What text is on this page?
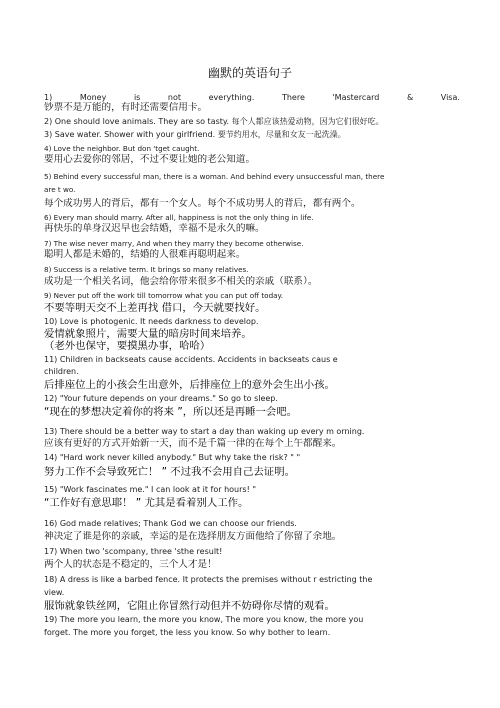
幽默的英语句子
1)	Money	is	not	everything.	There	'Mastercard	&	Visa.
钞票不是万能的，有时还需要信用卡。
2) One should love animals. They are so tasty. 每个人都应该热爱动物，因为它们很好吃。
3) Save water. Shower with your girlfriend. 要节约用水，尽量和女友一起洗澡。
4) Love the neighbor. But don 'tget caught.
要用心去爱你的邻居，不过不要让她的老公知道。
5) Behind every successful man, there is a woman. And behind every unsuccessful man, there
are t wo.
每个成功男人的背后，都有一个女人。每个不成功男人的背后，都有两个。
6) Every man should marry. After all, happiness is not the only thing in life.
再快乐的单身汉迟早也会结婚，幸福不是永久的嘛。
7) The wise never marry, And when they marry they become otherwise.
聪明人都是未婚的，结婚的人很难再聪明起来。
8) Success is a relative term. It brings so many relatives.
成功是一个相关名词，他会给你带来很多不相关的亲戚（联系）。
9) Never put off the work till tomorrow what you can put off today.
不要等明天交不上差再找 借口，今天就要找好。
10) Love is photogenic. It needs darkness to develop.
爱情就象照片，需要大量的暗房时间来培养。
（老外也保守，要摸黑办事，哈哈）
11) Children in backseats cause accidents. Accidents in backseats caus e
children.
后排座位上的小孩会生出意外，后排座位上的意外会生出小孩。
12) "Your future depends on your dreams." So go to sleep.
“现在的梦想决定着你的将来 ”，所以还是再睡一会吧。
13) There should be a better way to start a day than waking up every m orning.
应该有更好的方式开始新一天，而不是千篇一律的在每个上午都醒来。
14) "Hard work never killed anybody." But why take the risk? " "
努力工作不会导致死亡！ ” 不过我不会用自己去证明。
15) "Work fascinates me." I can look at it for hours! "
“工作好有意思耶！ ” 尤其是看着别人工作。
16) God made relatives; Thank God we can choose our friends.
神决定了谁是你的亲戚，幸运的是在选择朋友方面他给了你留了余地。
17) When two 'scompany, three 'sthe result!
两个人的状态是不稳定的，三个人才是！
18) A dress is like a barbed fence. It protects the premises without r estricting the
view.
服饰就象铁丝网，它阻止你冒然行动但并不妨碍你尽情的观看。
19) The more you learn, the more you know, The more you know, the more you
forget. The more you forget, the less you know. So why bother to learn.
